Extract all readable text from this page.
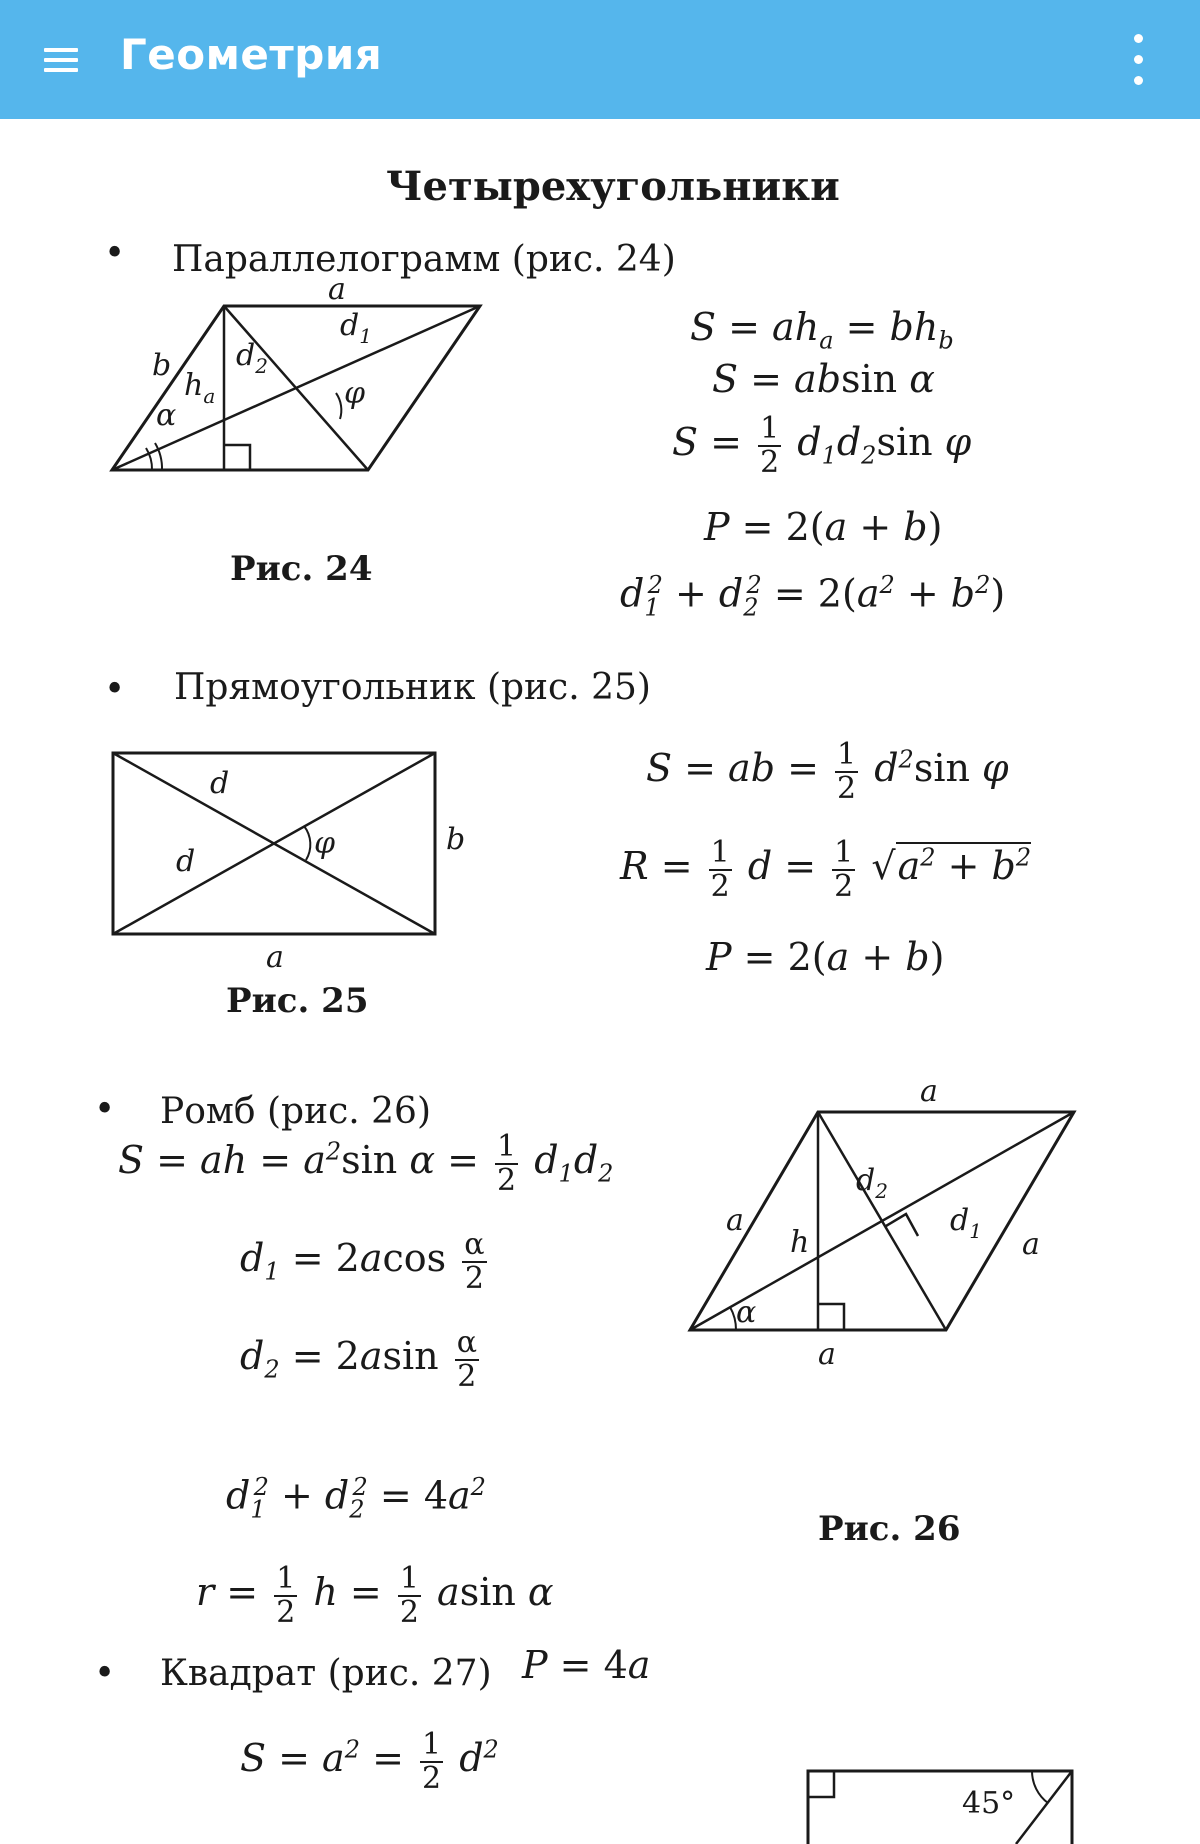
Геометрия
Четырехугольники
• Параллелограмм (рис. 24)
a
b
$d_1$
$d_2$
$h_a$
α
φ
Рис. 24
$S = ah_a = bh_b$
S = absin α
$S = \frac{1}{2} d_1d_2\sin$ φ
P = 2(a + b)
$d_1^2 + d_2^2 = 2(a^2 + b^2)$
• Прямоугольник (рис. 25)
d
d
φ	b
a
Рис. 25
S = ab = $\frac{1}{2} d^2\sin$ φ
$R = \frac{1}{2}$ $d = \frac{1}{2} √a^2 + b^2$
P = 2(a + b)
• Ромб (рис. 26)
S = ah = $a^2\sin$ $\alpha = \frac{1}{2} d_1d_2$
$d_1 = 2acos \frac{\alpha}{2}$
$d_2 = 2asin \frac{\alpha}{2}$
$d_1^2 + d_2^2 = 4a^2$
$r = \frac{1}{2}$ $h = \frac{1}{2}$ asin α
P = 4a
a
a
a
a
$d_2$
$d_1$
h
α
Рис. 26
• Квадрат (рис. 27)
$S = a^2 = \frac{1}{2} d^2$
45°
